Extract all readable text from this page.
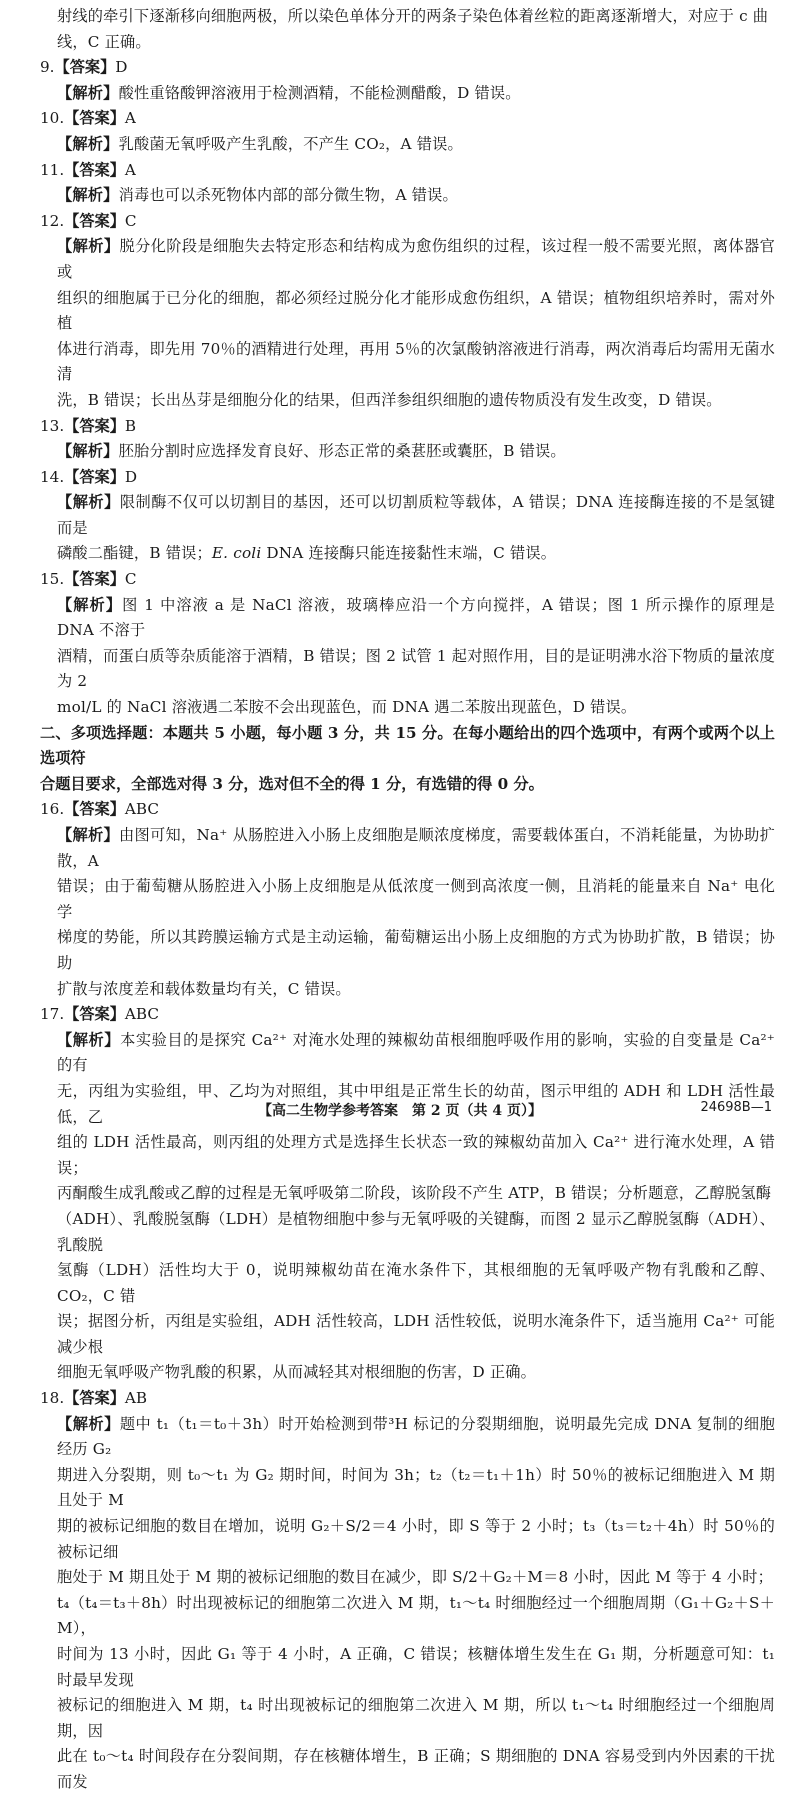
射线的牵引下逐渐移向细胞两极，所以染色单体分开的两条子染色体着丝粒的距离逐渐增大，对应于 c 曲

线，C 正确。

9.【答案】D

【解析】酸性重铬酸钾溶液用于检测酒精，不能检测醋酸，D 错误。

10.【答案】A

【解析】乳酸菌无氧呼吸产生乳酸，不产生 CO₂，A 错误。

11.【答案】A

【解析】消毒也可以杀死物体内部的部分微生物，A 错误。

12.【答案】C

【解析】脱分化阶段是细胞失去特定形态和结构成为愈伤组织的过程，该过程一般不需要光照，离体器官或

组织的细胞属于已分化的细胞，都必须经过脱分化才能形成愈伤组织，A 错误；植物组织培养时，需对外植

体进行消毒，即先用 70％的酒精进行处理，再用 5％的次氯酸钠溶液进行消毒，两次消毒后均需用无菌水清

洗，B 错误；长出丛芽是细胞分化的结果，但西洋参组织细胞的遗传物质没有发生改变，D 错误。

13.【答案】B

【解析】胚胎分割时应选择发育良好、形态正常的桑葚胚或囊胚，B 错误。

14.【答案】D

【解析】限制酶不仅可以切割目的基因，还可以切割质粒等载体，A 错误；DNA 连接酶连接的不是氢键而是

磷酸二酯键，B 错误；E. coli DNA 连接酶只能连接黏性末端，C 错误。

15.【答案】C

【解析】图 1 中溶液 a 是 NaCl 溶液，玻璃棒应沿一个方向搅拌，A 错误；图 1 所示操作的原理是 DNA 不溶于

酒精，而蛋白质等杂质能溶于酒精，B 错误；图 2 试管 1 起对照作用，目的是证明沸水浴下物质的量浓度为 2

mol/L 的 NaCl 溶液遇二苯胺不会出现蓝色，而 DNA 遇二苯胺出现蓝色，D 错误。

二、多项选择题：本题共 5 小题，每小题 3 分，共 15 分。在每小题给出的四个选项中，有两个或两个以上选项符

合题目要求，全部选对得 3 分，选对但不全的得 1 分，有选错的得 0 分。

16.【答案】ABC

【解析】由图可知，Na⁺ 从肠腔进入小肠上皮细胞是顺浓度梯度，需要载体蛋白，不消耗能量，为协助扩散，A

错误；由于葡萄糖从肠腔进入小肠上皮细胞是从低浓度一侧到高浓度一侧，且消耗的能量来自 Na⁺ 电化学

梯度的势能，所以其跨膜运输方式是主动运输，葡萄糖运出小肠上皮细胞的方式为协助扩散，B 错误；协助

扩散与浓度差和载体数量均有关，C 错误。

17.【答案】ABC

【解析】本实验目的是探究 Ca²⁺ 对淹水处理的辣椒幼苗根细胞呼吸作用的影响，实验的自变量是 Ca²⁺ 的有

无，丙组为实验组，甲、乙均为对照组，其中甲组是正常生长的幼苗，图示甲组的 ADH 和 LDH 活性最低，乙

组的 LDH 活性最高，则丙组的处理方式是选择生长状态一致的辣椒幼苗加入 Ca²⁺ 进行淹水处理，A 错误；

丙酮酸生成乳酸或乙醇的过程是无氧呼吸第二阶段，该阶段不产生 ATP，B 错误；分析题意，乙醇脱氢酶

（ADH）、乳酸脱氢酶（LDH）是植物细胞中参与无氧呼吸的关键酶，而图 2 显示乙醇脱氢酶（ADH）、乳酸脱

氢酶（LDH）活性均大于 0，说明辣椒幼苗在淹水条件下，其根细胞的无氧呼吸产物有乳酸和乙醇、CO₂，C 错

误；据图分析，丙组是实验组，ADH 活性较高，LDH 活性较低，说明水淹条件下，适当施用 Ca²⁺ 可能减少根

细胞无氧呼吸产物乳酸的积累，从而减轻其对根细胞的伤害，D 正确。

18.【答案】AB

【解析】题中 t₁（t₁＝t₀＋3h）时开始检测到带³H 标记的分裂期细胞，说明最先完成 DNA 复制的细胞经历 G₂

期进入分裂期，则 t₀～t₁ 为 G₂ 期时间，时间为 3h；t₂（t₂＝t₁＋1h）时 50％的被标记细胞进入 M 期且处于 M

期的被标记细胞的数目在增加，说明 G₂＋S/2＝4 小时，即 S 等于 2 小时；t₃（t₃＝t₂＋4h）时 50％的被标记细

胞处于 M 期且处于 M 期的被标记细胞的数目在减少，即 S/2＋G₂＋M＝8 小时，因此 M 等于 4 小时；

t₄（t₄＝t₃＋8h）时出现被标记的细胞第二次进入 M 期，t₁～t₄ 时细胞经过一个细胞周期（G₁＋G₂＋S＋M），

时间为 13 小时，因此 G₁ 等于 4 小时，A 正确，C 错误；核糖体增生发生在 G₁ 期，分析题意可知：t₁ 时最早发现

被标记的细胞进入 M 期，t₄ 时出现被标记的细胞第二次进入 M 期，所以 t₁～t₄ 时细胞经过一个细胞周期，因

此在 t₀～t₄ 时间段存在分裂间期，存在核糖体增生，B 正确；S 期细胞的 DNA 容易受到内外因素的干扰而发

【高二生物学参考答案　第 2 页（共 4 页）】	24698B—1
